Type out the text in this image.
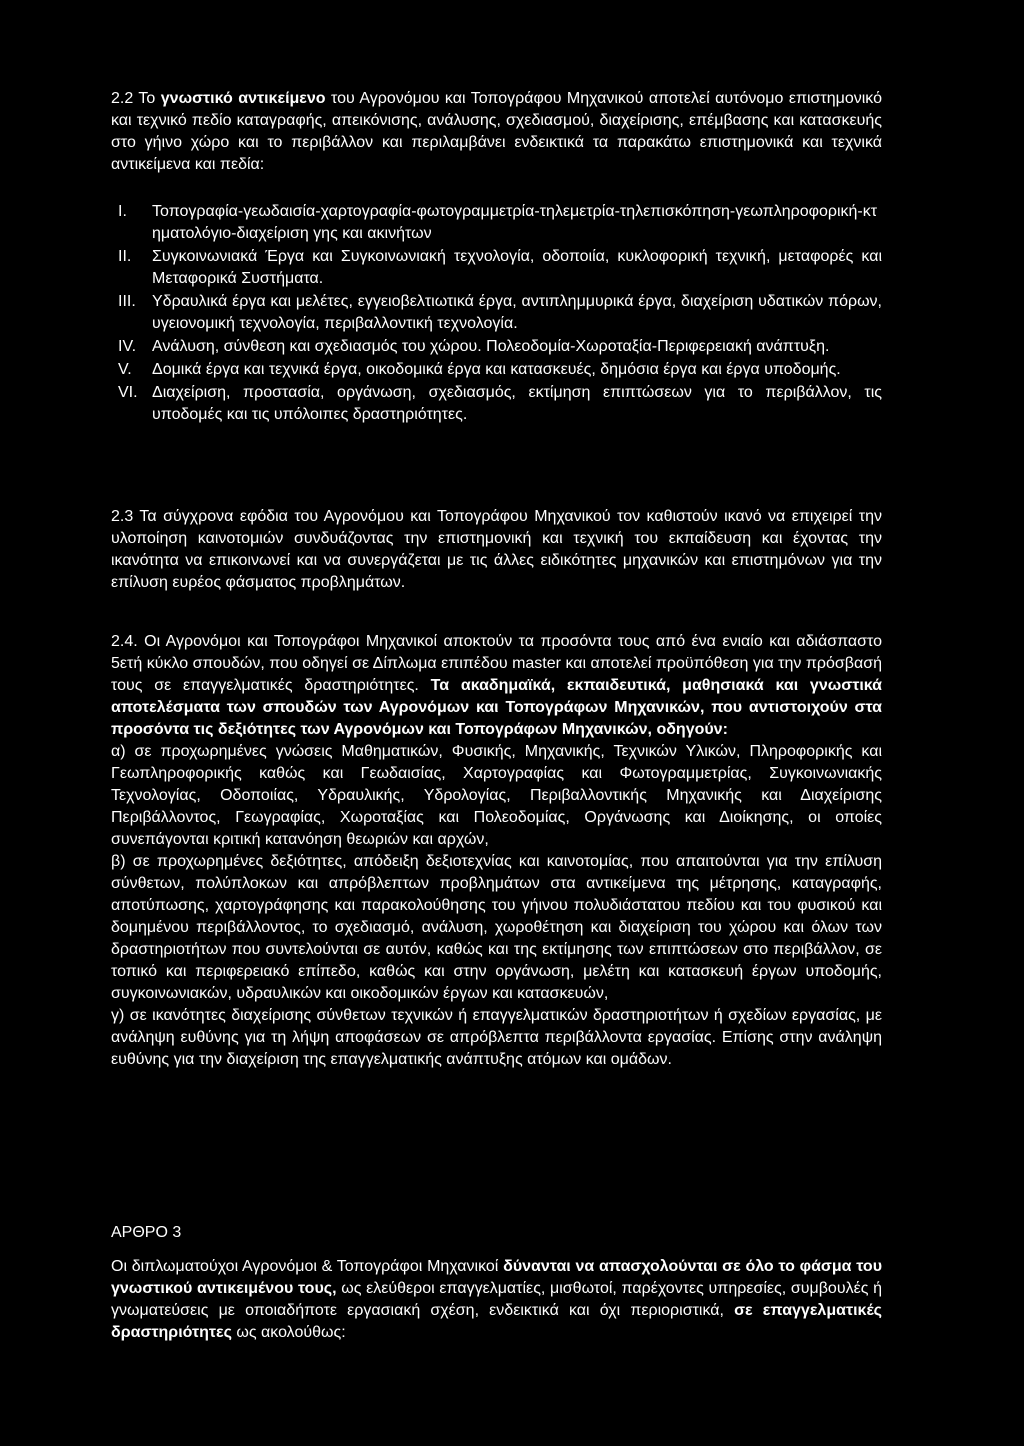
2.2 Το γνωστικό αντικείμενο του Αγρονόμου και Τοπογράφου Μηχανικού αποτελεί αυτόνομο επιστημονικό και τεχνικό πεδίο καταγραφής, απεικόνισης, ανάλυσης, σχεδιασμού, διαχείρισης, επέμβασης και κατασκευής στο γήινο χώρο και το περιβάλλον και περιλαμβάνει ενδεικτικά τα παρακάτω επιστημονικά και τεχνικά αντικείμενα και πεδία:

I.	Τοπογραφία-γεωδαισία-χαρτογραφία-φωτογραμμετρία-τηλεμετρία-τηλεπισκόπηση-γεωπληροφορική-κτηματολόγιο-διαχείριση γης και ακινήτων
II.	Συγκοινωνιακά Έργα και Συγκοινωνιακή τεχνολογία, οδοποιία, κυκλοφορική τεχνική, μεταφορές και Μεταφορικά Συστήματα.
III.	Υδραυλικά έργα και μελέτες, εγγειοβελτιωτικά έργα, αντιπλημμυρικά έργα, διαχείριση υδατικών πόρων, υγειονομική τεχνολογία, περιβαλλοντική τεχνολογία.
IV. Ανάλυση, σύνθεση και σχεδιασμός του χώρου. Πολεοδομία-Χωροταξία-Περιφερειακή ανάπτυξη.
V.	Δομικά έργα και τεχνικά έργα, οικοδομικά έργα και κατασκευές, δημόσια έργα και έργα υποδομής.
VI. Διαχείριση, προστασία, οργάνωση, σχεδιασμός, εκτίμηση επιπτώσεων για το περιβάλλον, τις υποδομές και τις υπόλοιπες δραστηριότητες.

2.3 Τα σύγχρονα εφόδια του Αγρονόμου και Τοπογράφου Μηχανικού τον καθιστούν ικανό να επιχειρεί την υλοποίηση καινοτομιών συνδυάζοντας την επιστημονική και τεχνική του εκπαίδευση και έχοντας την ικανότητα να επικοινωνεί και να συνεργάζεται με τις άλλες ειδικότητες μηχανικών και επιστημόνων για την επίλυση ευρέος φάσματος προβλημάτων.

2.4. Οι Αγρονόμοι και Τοπογράφοι Μηχανικοί αποκτούν τα προσόντα τους από ένα ενιαίο και αδιάσπαστο 5ετή κύκλο σπουδών, που οδηγεί σε Δίπλωμα επιπέδου master και αποτελεί προϋπόθεση για την πρόσβασή τους σε επαγγελματικές δραστηριότητες. Τα ακαδημαϊκά, εκπαιδευτικά, μαθησιακά και γνωστικά αποτελέσματα των σπουδών των Αγρονόμων και Τοπογράφων Μηχανικών, που αντιστοιχούν στα προσόντα τις δεξιότητες των Αγρονόμων και Τοπογράφων Μηχανικών, οδηγούν:

α) σε προχωρημένες γνώσεις Μαθηματικών, Φυσικής, Μηχανικής, Τεχνικών Υλικών, Πληροφορικής και Γεωπληροφορικής καθώς και Γεωδαισίας, Χαρτογραφίας και Φωτογραμμετρίας, Συγκοινωνιακής Τεχνολογίας, Οδοποιίας, Υδραυλικής, Υδρολογίας, Περιβαλλοντικής Μηχανικής και Διαχείρισης Περιβάλλοντος, Γεωγραφίας, Χωροταξίας και Πολεοδομίας, Οργάνωσης και Διοίκησης, οι οποίες συνεπάγονται κριτική κατανόηση θεωριών και αρχών,

β) σε προχωρημένες δεξιότητες, απόδειξη δεξιοτεχνίας και καινοτομίας, που απαιτούνται για την επίλυση σύνθετων, πολύπλοκων και απρόβλεπτων προβλημάτων στα αντικείμενα της μέτρησης, καταγραφής, αποτύπωσης, χαρτογράφησης και παρακολούθησης του γήινου πολυδιάστατου πεδίου και του φυσικού και δομημένου περιβάλλοντος, το σχεδιασμό, ανάλυση, χωροθέτηση και διαχείριση του χώρου και όλων των δραστηριοτήτων που συντελούνται σε αυτόν, καθώς και της εκτίμησης των επιπτώσεων στο περιβάλλον, σε τοπικό και περιφερειακό επίπεδο, καθώς και στην οργάνωση, μελέτη και κατασκευή έργων υποδομής, συγκοινωνιακών, υδραυλικών και οικοδομικών έργων και κατασκευών,

γ) σε ικανότητες διαχείρισης σύνθετων τεχνικών ή επαγγελματικών δραστηριοτήτων ή σχεδίων εργασίας, με ανάληψη ευθύνης για τη λήψη αποφάσεων σε απρόβλεπτα περιβάλλοντα εργασίας. Επίσης στην ανάληψη ευθύνης για την διαχείριση της επαγγελματικής ανάπτυξης ατόμων και ομάδων.

ΑΡΘΡΟ 3

Οι διπλωματούχοι Αγρονόμοι & Τοπογράφοι Μηχανικοί δύνανται να απασχολούνται σε όλο το φάσμα του γνωστικού αντικειμένου τους, ως ελεύθεροι επαγγελματίες, μισθωτοί, παρέχοντες υπηρεσίες, συμβουλές ή γνωματεύσεις με οποιαδήποτε εργασιακή σχέση, ενδεικτικά και όχι περιοριστικά, σε επαγγελματικές δραστηριότητες ως ακολούθως:
